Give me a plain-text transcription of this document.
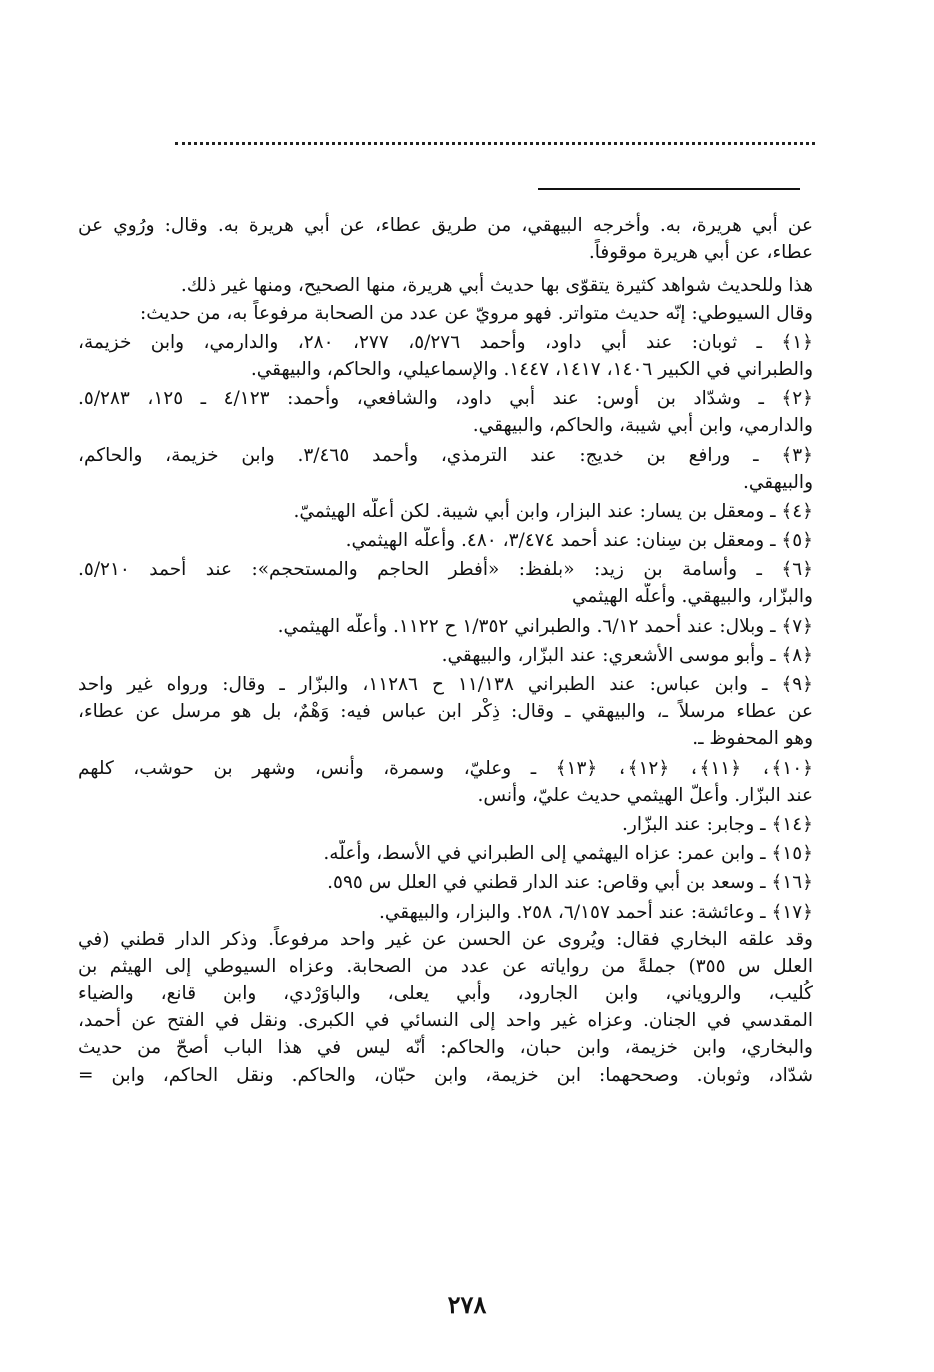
عن أبي هريرة، به. وأخرجه البيهقي، من طريق عطاء، عن أبي هريرة به. وقال: ورُوي عن
عطاء، عن أبي هريرة موقوفاً.
هذا وللحديث شواهد كثيرة يتقوّى بها حديث أبي هريرة، منها الصحيح، ومنها غير ذلك.
وقال السيوطي: إنّه حديث متواتر. فهو مرويّ عن عدد من الصحابة مرفوعاً به، من حديث:
﴿١﴾ ـ ثوبان: عند أبي داود، وأحمد ٥/٢٧٦، ٢٧٧، ٢٨٠، والدارمي، وابن خزيمة،
والطبراني في الكبير ١٤٠٦، ١٤١٧، ١٤٤٧. والإسماعيلي، والحاكم، والبيهقي.
﴿٢﴾ ـ وشدّاد بن أوس: عند أبي داود، والشافعي، وأحمد: ٤/١٢٣ ـ ١٢٥، ٥/٢٨٣.
والدارمي، وابن أبي شيبة، والحاكم، والبيهقي.
﴿٣﴾ ـ ورافع بن خديج: عند الترمذي، وأحمد ٣/٤٦٥. وابن خزيمة، والحاكم،
والبيهقي.
﴿٤﴾ ـ ومعقل بن يسار: عند البزار، وابن أبي شيبة. لكن أعلّه الهيثميّ.
﴿٥﴾ ـ ومعقل بن سِنان: عند أحمد ٣/٤٧٤، ٤٨٠. وأعلّه الهيثمي.
﴿٦﴾ ـ وأسامة بن زيد: «بلفظ: «أفطر الحاجم والمستحجم»: عند أحمد ٥/٢١٠.
والبزّار، والبيهقي. وأعلّه الهيثمي
﴿٧﴾ ـ وبلال: عند أحمد ٦/١٢. والطبراني ١/٣٥٢ ح ١١٢٢. وأعلّه الهيثمي.
﴿٨﴾ ـ وأبو موسى الأشعري: عند البزّار، والبيهقي.
﴿٩﴾ ـ وابن عباس: عند الطبراني ١١/١٣٨ ح ١١٢٨٦، والبزّار ـ وقال: ورواه غير واحد
عن عطاء مرسلاً ـ، والبيهقي ـ وقال: ذِكْر ابن عباس فيه: وَهْمٌ، بل هو مرسل عن عطاء،
وهو المحفوظ ـ.
﴿١٠﴾، ﴿١١﴾، ﴿١٢﴾، ﴿١٣﴾ ـ وعليّ، وسمرة، وأنس، وشهر بن حوشب، كلهم
عند البزّار. وأعلّ الهيثمي حديث عليّ، وأنس.
﴿١٤﴾ ـ وجابر: عند البزّار.
﴿١٥﴾ ـ وابن عمر: عزاه اليهثمي إلى الطبراني في الأسط، وأعلّه.
﴿١٦﴾ ـ وسعد بن أبي وقاص: عند الدار قطني في العلل س ٥٩٥.
﴿١٧﴾ ـ وعائشة: عند أحمد ٦/١٥٧، ٢٥٨. والبزار، والبيهقي.
وقد علقه البخاري فقال: ويُروى عن الحسن عن غير واحد مرفوعاً. وذكر الدار قطني (في
العلل س ٣٥٥) جملةً من رواياته عن عدد من الصحابة. وعزاه السيوطي إلى الهيثم بن
كُليب، والروياني، وابن الجارود، وأبي يعلى، والباوَرْدي، وابن قانع، والضياء
المقدسي في الجنان. وعزاه غير واحد إلى النسائي في الكبرى. ونقل في الفتح عن أحمد،
والبخاري، وابن خزيمة، وابن حبان، والحاكم: أنّه ليس في هذا الباب أصحّ من حديث
شدّاد، وثوبان. وصححهما: ابن خزيمة، وابن حبّان، والحاكم. ونقل الحاكم، وابن =
٢٧٨
